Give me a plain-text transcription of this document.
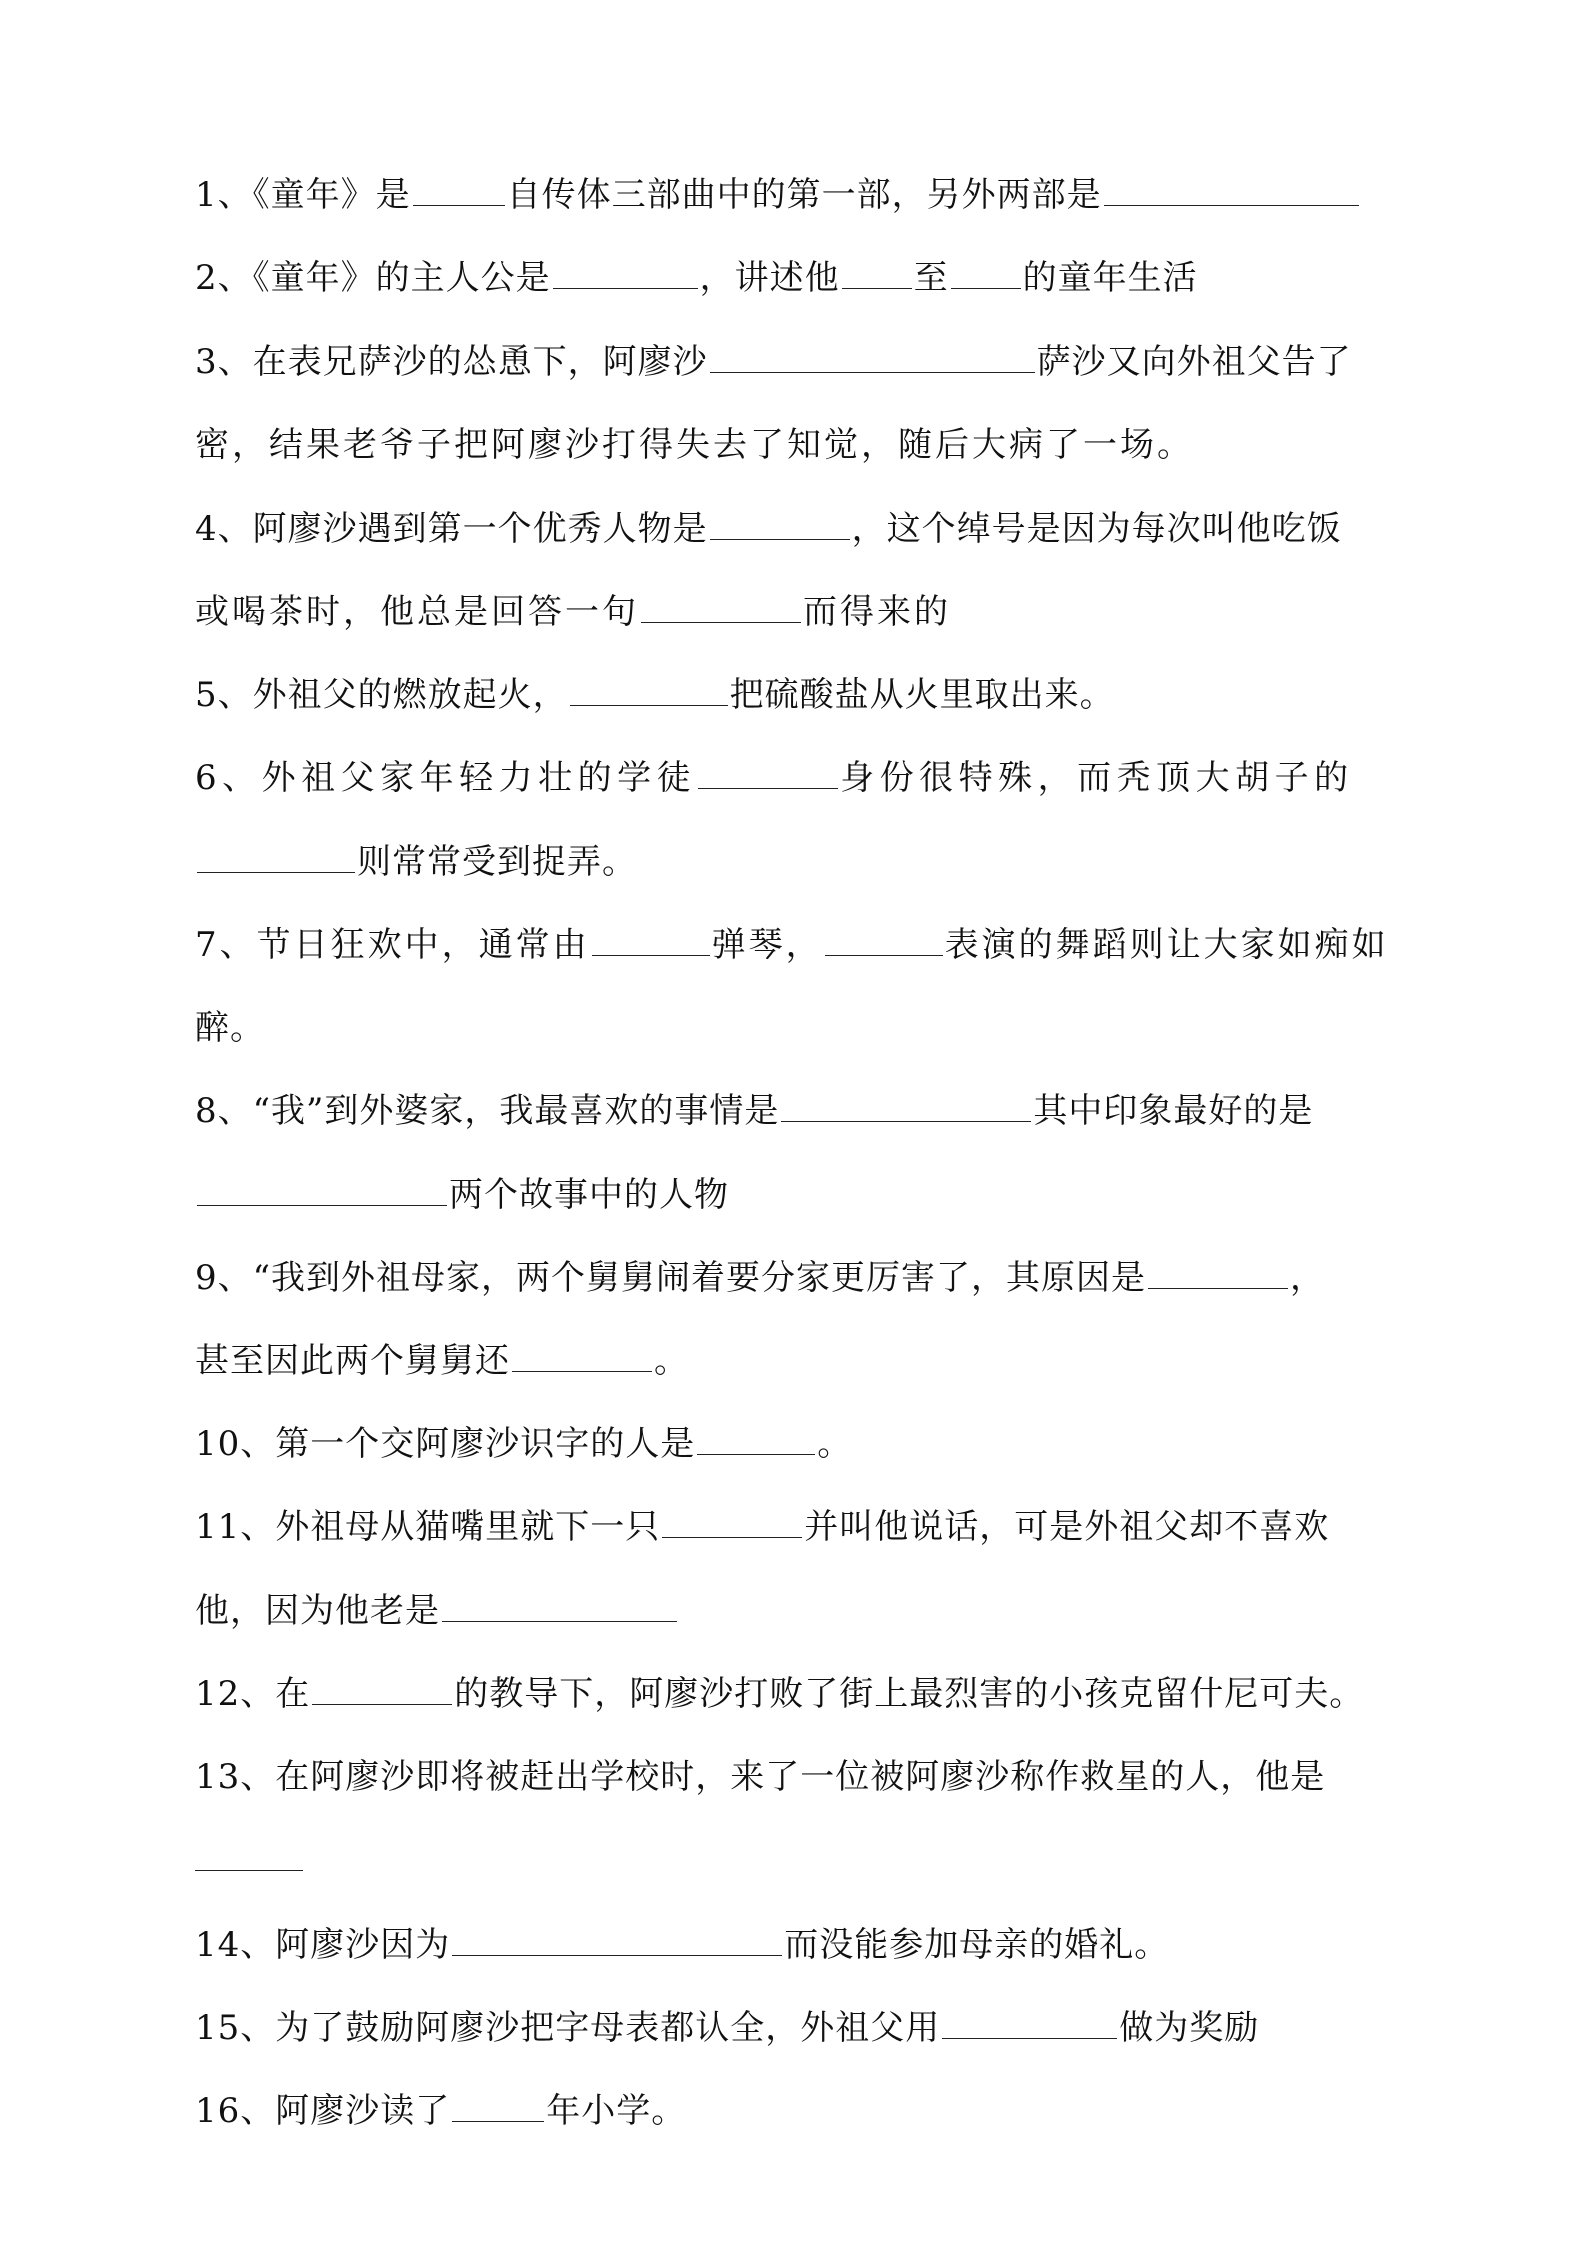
1、《童年》是	自传体三部曲中的第一部，另外两部是
2、《童年》的主人公是	，讲述他 至 的童年生活
3、在表兄萨沙的怂恿下，阿廖沙	萨沙又向外祖父告了
密，结果老爷子把阿廖沙打得失去了知觉，随后大病了一场。
4、阿廖沙遇到第一个优秀人物是	，这个绰号是因为每次叫他吃饭
或喝茶时，他总是回答一句	而得来的
5、外祖父的燃放起火，	把硫酸盐从火里取出来。
6、外祖父家年轻力壮的学徒	身份很特殊，而秃顶大胡子的
则常常受到捉弄。
7、节日狂欢中，通常由	弹琴，	表演的舞蹈则让大家如痴如
醉。
8、“我”到外婆家，我最喜欢的事情是	其中印象最好的是
两个故事中的人物
9、“我到外祖母家，两个舅舅闹着要分家更厉害了，其原因是	，
甚至因此两个舅舅还	。
10、第一个交阿廖沙识字的人是	。
11、外祖母从猫嘴里就下一只	并叫他说话，可是外祖父却不喜欢
他，因为他老是
12、在	的教导下，阿廖沙打败了街上最烈害的小孩克留什尼可夫。
13、在阿廖沙即将被赶出学校时，来了一位被阿廖沙称作救星的人，他是
14、阿廖沙因为	而没能参加母亲的婚礼。
15、为了鼓励阿廖沙把字母表都认全，外祖父用	做为奖励
16、阿廖沙读了	年小学。
